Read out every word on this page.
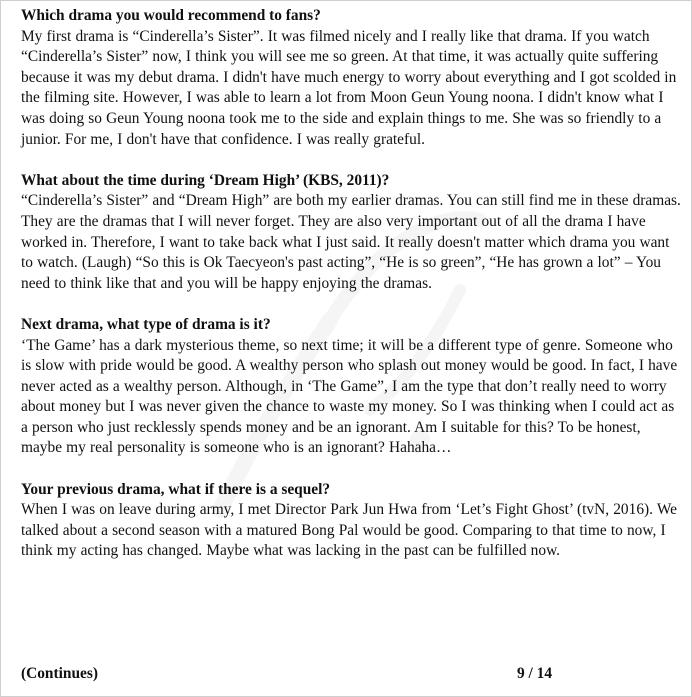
Which drama you would recommend to fans?

My first drama is “Cinderella’s Sister”. It was filmed nicely and I really like that drama. If you watch “Cinderella’s Sister” now, I think you will see me so green. At that time, it was actually quite suffering because it was my debut drama. I didn't have much energy to worry about everything and I got scolded in the filming site. However, I was able to learn a lot from Moon Geun Young noona. I didn't know what I was doing so Geun Young noona took me to the side and explain things to me. She was so friendly to a junior. For me, I don't have that confidence. I was really grateful.

What about the time during ‘Dream High’ (KBS, 2011)?

“Cinderella’s Sister” and “Dream High” are both my earlier dramas. You can still find me in these dramas. They are the dramas that I will never forget. They are also very important out of all the drama I have worked in. Therefore, I want to take back what I just said. It really doesn't matter which drama you want to watch. (Laugh) “So this is Ok Taecyeon's past acting”, “He is so green”, “He has grown a lot” – You need to think like that and you will be happy enjoying the dramas.

Next drama, what type of drama is it?

‘The Game’ has a dark mysterious theme, so next time; it will be a different type of genre. Someone who is slow with pride would be good. A wealthy person who splash out money would be good. In fact, I have never acted as a wealthy person. Although, in ‘The Game”, I am the type that don’t really need to worry about money but I was never given the chance to waste my money. So I was thinking when I could act as a person who just recklessly spends money and be an ignorant. Am I suitable for this? To be honest, maybe my real personality is someone who is an ignorant? Hahaha…

Your previous drama, what if there is a sequel?

When I was on leave during army, I met Director Park Jun Hwa from ‘Let’s Fight Ghost’ (tvN, 2016). We talked about a second season with a matured Bong Pal would be good. Comparing to that time to now, I think my acting has changed. Maybe what was lacking in the past can be fulfilled now.

(Continues)	9 / 14
